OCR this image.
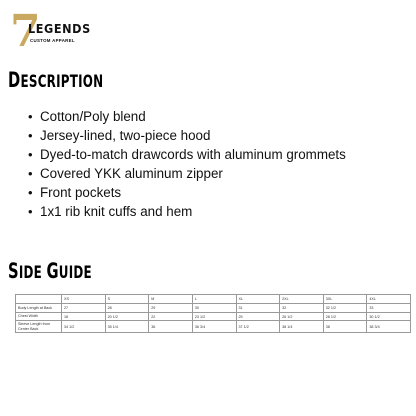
7
LEGENDS
CUSTOM APPAREL
DESCRIPTION
• Cotton/Poly blend
• Jersey-lined, two-piece hood
• Dyed-to-match drawcords with aluminum grommets
• Covered YKK aluminum zipper
• Front pockets
• 1x1 rib knit cuffs and hem
SIDE GUIDE
	XS	S	M	L	XL	2XL	3XL	4XL
Body Length at Back	27	28	29	30	31	32	32 1/2	33
Chest Width	18	20 1/2	22	23 1/2	25	26 1/2	28 1/2	30 1/2
Sleeve Length from Center Back	34 1/2	35 1/4	36	36 3/4	37 1/2	38 1/4	38	38 3/4
